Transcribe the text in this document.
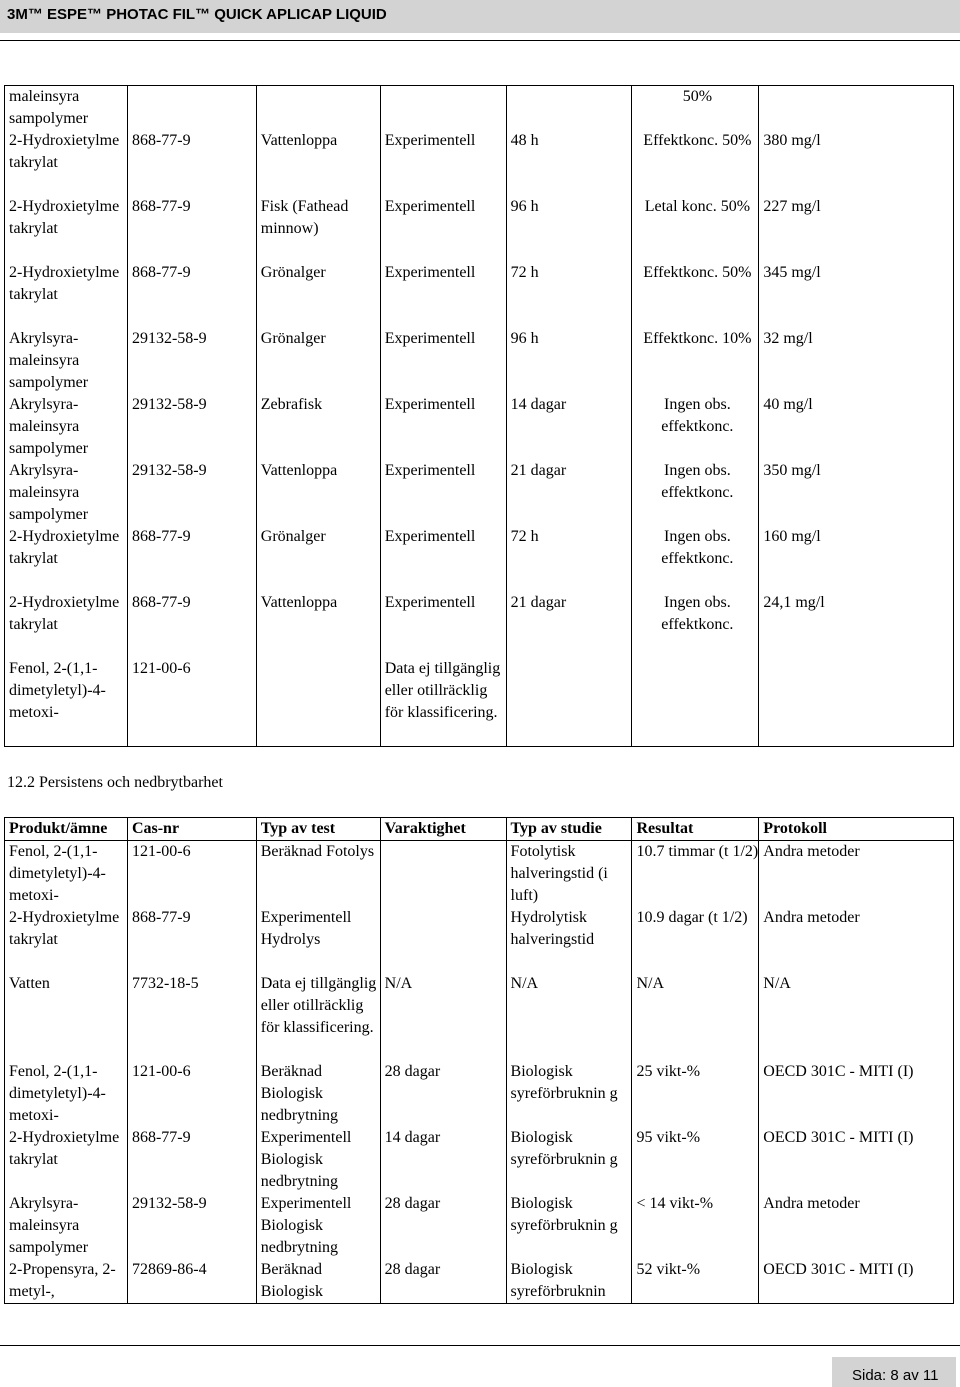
3M™ ESPE™ PHOTAC FIL™ QUICK APLICAP LIQUID
maleinsyra sampolymer					50%	
2-Hydroxietylme takrylat	868-77-9	Vattenloppa	Experimentell	48 h	Effektkonc. 50%	380 mg/l
2-Hydroxietylme takrylat	868-77-9	Fisk (Fathead minnow)	Experimentell	96 h	Letal konc. 50%	227 mg/l
2-Hydroxietylme takrylat	868-77-9	Grönalger	Experimentell	72 h	Effektkonc. 50%	345 mg/l
Akrylsyra-maleinsyra sampolymer	29132-58-9	Grönalger	Experimentell	96 h	Effektkonc. 10%	32 mg/l
Akrylsyra-maleinsyra sampolymer	29132-58-9	Zebrafisk	Experimentell	14 dagar	Ingen obs. effektkonc.	40 mg/l
Akrylsyra-maleinsyra sampolymer	29132-58-9	Vattenloppa	Experimentell	21 dagar	Ingen obs. effektkonc.	350 mg/l
2-Hydroxietylme takrylat	868-77-9	Grönalger	Experimentell	72 h	Ingen obs. effektkonc.	160 mg/l
2-Hydroxietylme takrylat	868-77-9	Vattenloppa	Experimentell	21 dagar	Ingen obs. effektkonc.	24,1 mg/l
Fenol, 2-(1,1-dimetyletyl)-4-metoxi-	121-00-6		Data ej tillgänglig eller otillräcklig för klassificering.			
12.2 Persistens och nedbrytbarhet
Produkt/ämne	Cas-nr	Typ av test	Varaktighet	Typ av studie	Resultat	Protokoll
Fenol, 2-(1,1-dimetyletyl)-4-metoxi-	121-00-6	Beräknad Fotolys		Fotolytisk halveringstid (i luft)	10.7 timmar (t 1/2)	Andra metoder
2-Hydroxietylme takrylat	868-77-9	Experimentell Hydrolys		Hydrolytisk halveringstid	10.9 dagar (t 1/2)	Andra metoder
Vatten	7732-18-5	Data ej tillgänglig eller otillräcklig för klassificering.	N/A	N/A	N/A	N/A
Fenol, 2-(1,1-dimetyletyl)-4-metoxi-	121-00-6	Beräknad Biologisk nedbrytning	28 dagar	Biologisk syreförbruknin g	25 vikt-%	OECD 301C - MITI (I)
2-Hydroxietylme takrylat	868-77-9	Experimentell Biologisk nedbrytning	14 dagar	Biologisk syreförbruknin g	95 vikt-%	OECD 301C - MITI (I)
Akrylsyra-maleinsyra sampolymer	29132-58-9	Experimentell Biologisk nedbrytning	28 dagar	Biologisk syreförbruknin g	< 14 vikt-%	Andra metoder
2-Propensyra, 2-metyl-,	72869-86-4	Beräknad Biologisk	28 dagar	Biologisk syreförbruknin	52 vikt-%	OECD 301C - MITI (I)
Sida: 8 av 11
